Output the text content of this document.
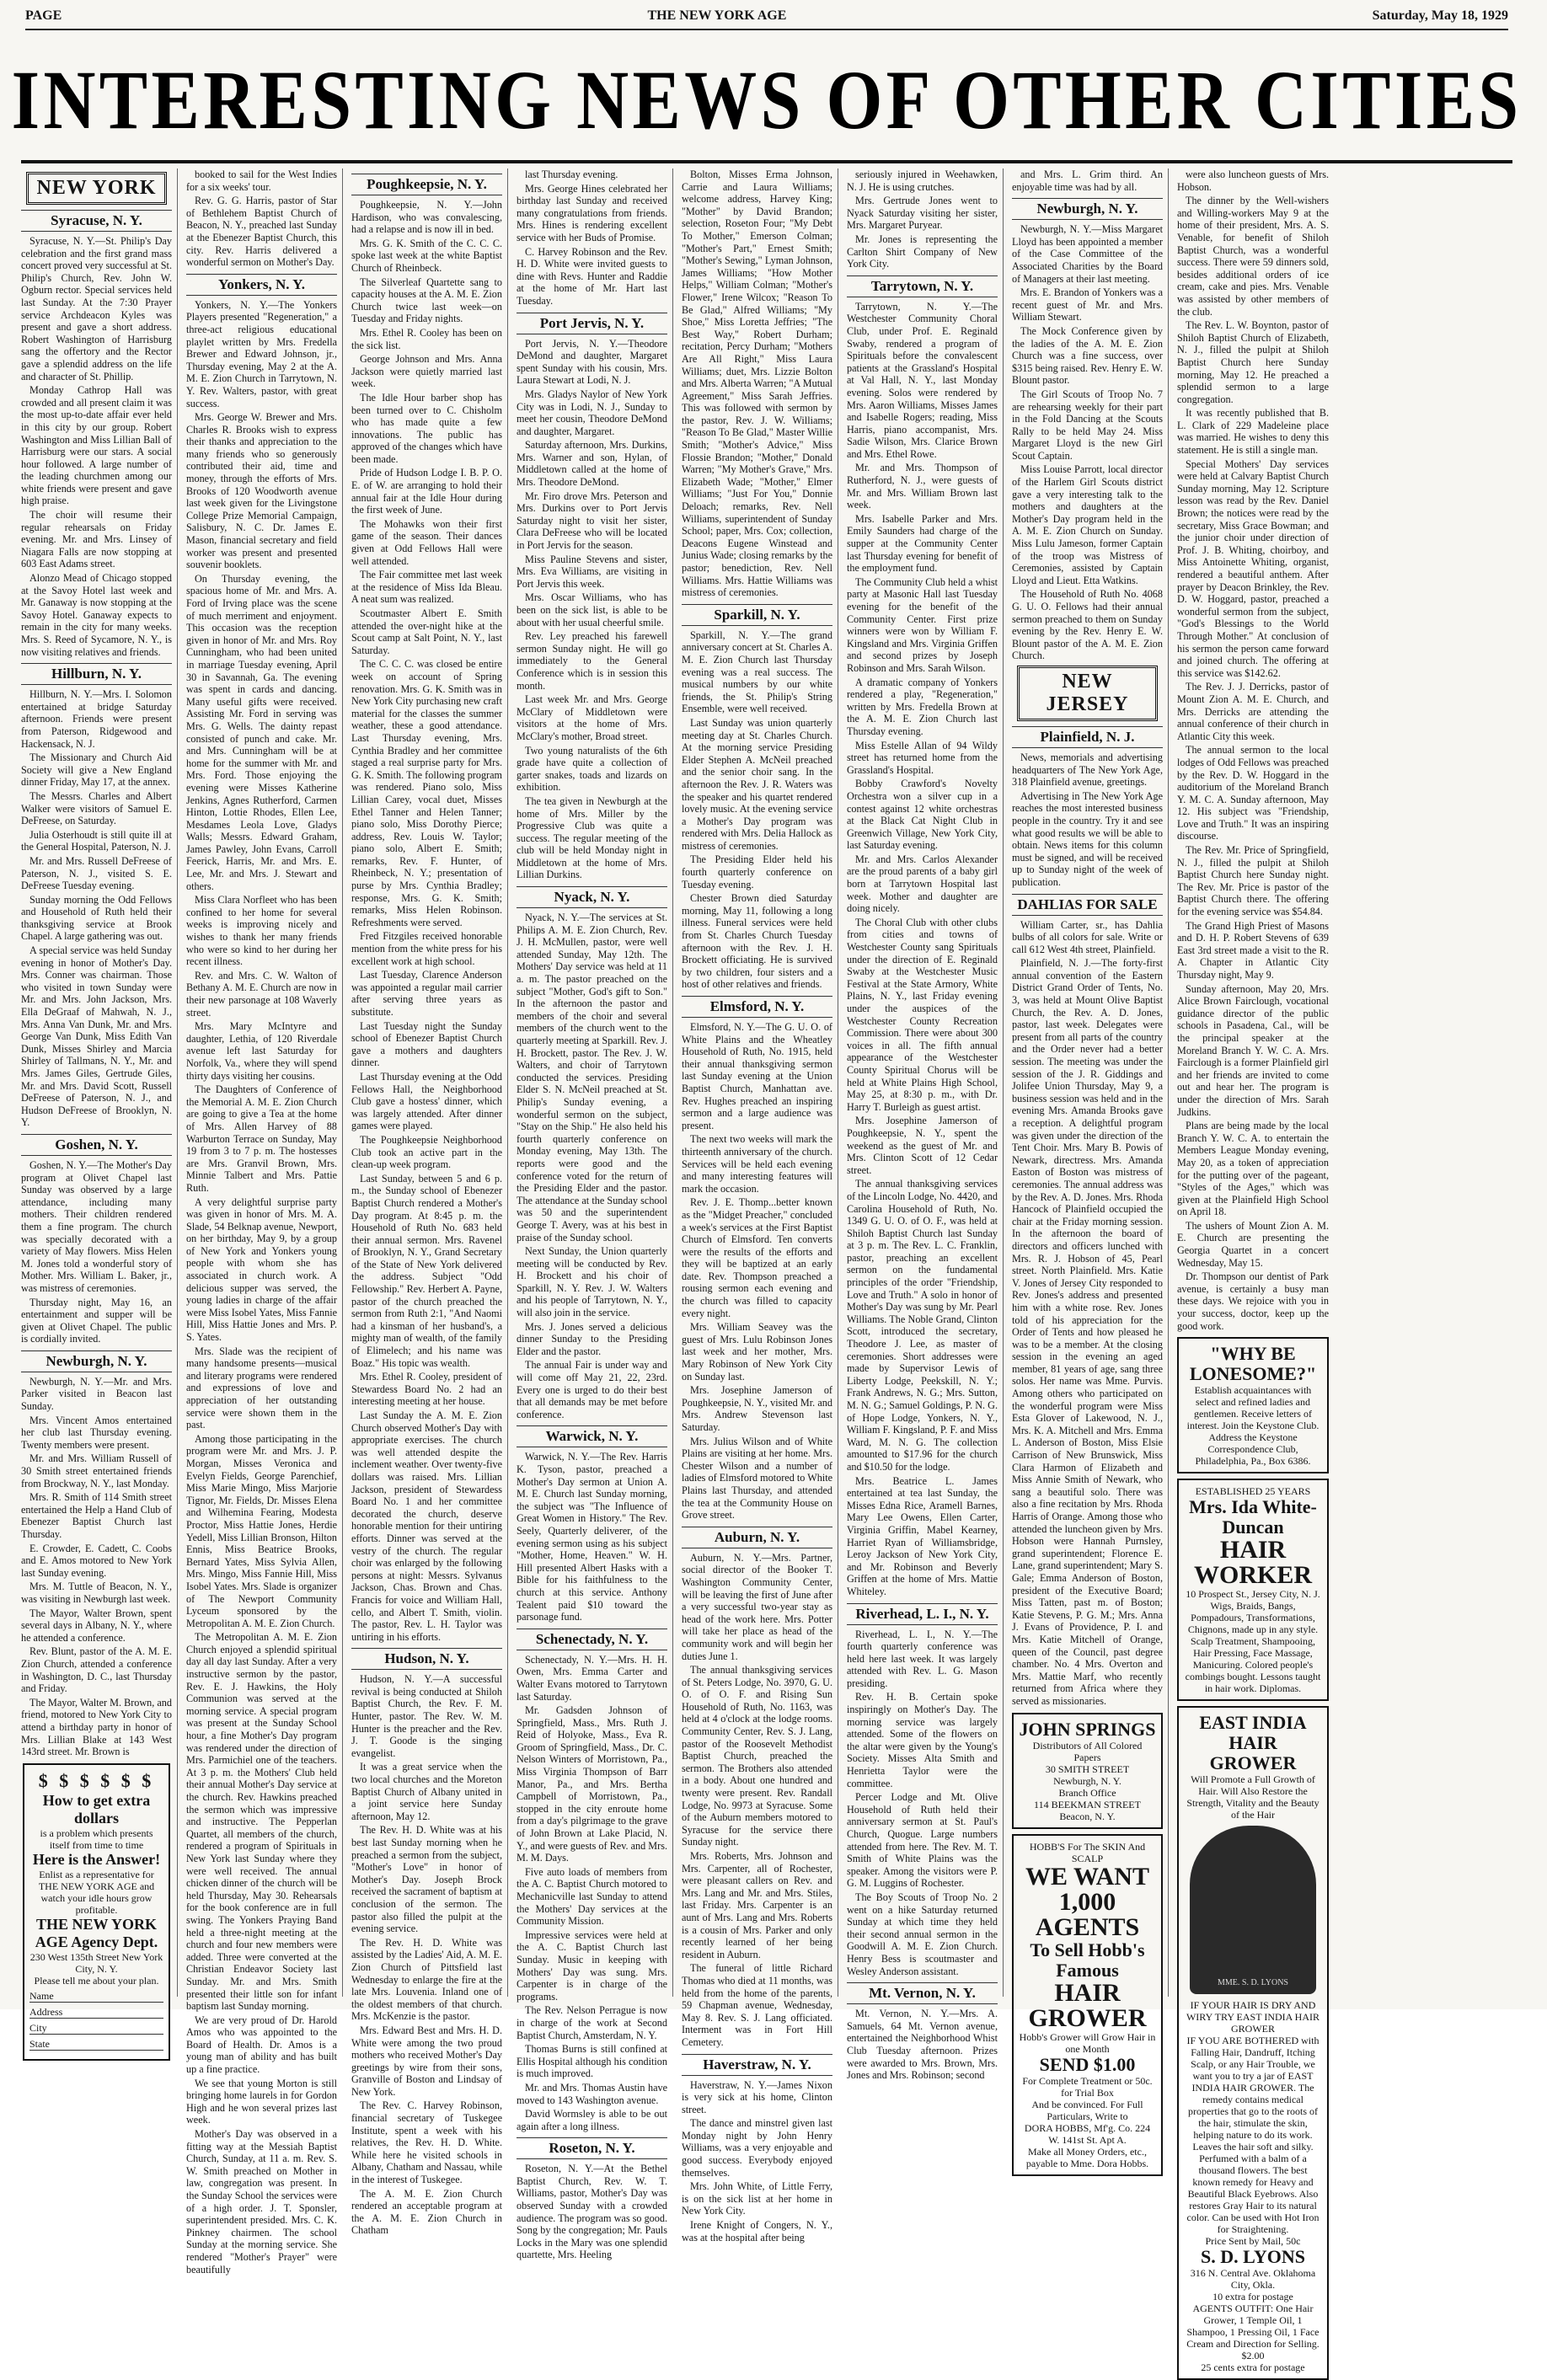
PAGE	THE NEW YORK AGE	Saturday, May 18, 1929
INTERESTING NEWS OF OTHER CITIES
NEW YORK
Syracuse, N. Y.

Syracuse, N. Y.—St. Philip's Day celebration and the first grand mass concert proved very successful at St. Philip's Church, Rev. John W. Ogburn rector. Special services held last Sunday. At the 7:30 Prayer service Archdeacon Kyles was present and gave a short address. Robert Washington of Harrisburg sang the offertory and the Rector gave a splendid address on the life and character of St. Phillip.

Monday Cathrop Hall was crowded and all present claim it was the most up-to-date affair ever held in this city by our group. Robert Washington and Miss Lillian Ball of Harrisburg were our stars. A social hour followed. A large number of the leading churchmen among our white friends were present and gave high praise.

The choir will resume their regular rehearsals on Friday evening. Mr. and Mrs. Linsey of Niagara Falls are now stopping at 603 East Adams street.

Alonzo Mead of Chicago stopped at the Savoy Hotel last week and Mr. Ganaway is now stopping at the Savoy Hotel. Ganaway expects to remain in the city for many weeks. Mrs. S. Reed of Sycamore, N. Y., is now visiting relatives and friends.

Hillburn, N. Y.

Hillburn, N. Y.—Mrs. I. Solomon entertained at bridge Saturday afternoon. Friends were present from Paterson, Ridgewood and Hackensack, N. J.

The Missionary and Church Aid Society will give a New England dinner Friday, May 17, at the annex.

The Messrs. Charles and Albert Walker were visitors of Samuel E. DeFreese, on Saturday.

Julia Osterhoudt is still quite ill at the General Hospital, Paterson, N. J.

Mr. and Mrs. Russell DeFreese of Paterson, N. J., visited S. E. DeFreese Tuesday evening.

Sunday morning the Odd Fellows and Household of Ruth held their thanksgiving service at Brook Chapel. A large gathering was out.

A special service was held Sunday evening in honor of Mother's Day. Mrs. Conner was chairman. Those who visited in town Sunday were Mr. and Mrs. John Jackson, Mrs. Ella DeGraaf of Mahwah, N. J., Mrs. Anna Van Dunk, Mr. and Mrs. George Van Dunk, Miss Edith Van Dunk, Misses Shirley and Marcia Shirley of Tallmans, N. Y., Mr. and Mrs. James Giles, Gertrude Giles, Mr. and Mrs. David Scott, Russell DeFreese of Paterson, N. J., and Hudson DeFreese of Brooklyn, N. Y.

Goshen, N. Y.

Goshen, N. Y.—The Mother's Day program at Olivet Chapel last Sunday was observed by a large attendance, including many mothers. Their children rendered them a fine program. The church was specially decorated with a variety of May flowers. Miss Helen M. Jones told a wonderful story of Mother. Mrs. William L. Baker, jr., was mistress of ceremonies.

Thursday night, May 16, an entertainment and supper will be given at Olivet Chapel. The public is cordially invited.

Newburgh, N. Y.

Newburgh, N. Y.—Mr. and Mrs. Parker visited in Beacon last Sunday.

Mrs. Vincent Amos entertained her club last Thursday evening. Twenty members were present.

Mr. and Mrs. William Russell of 30 Smith street entertained friends from Brockway, N. Y., last Monday.

Mrs. R. Smith of 114 Smith street entertained the Help a Hand Club of Ebenezer Baptist Church last Thursday.

E. Crowder, E. Cadett, C. Coobs and E. Amos motored to New York last Sunday evening.

Mrs. M. Tuttle of Beacon, N. Y., was visiting in Newburgh last week.

The Mayor, Walter Brown, spent several days in Albany, N. Y., where he attended a conference.

Rev. Blunt, pastor of the A. M. E. Zion Church, attended a conference in Washington, D. C., last Thursday and Friday.

The Mayor, Walter M. Brown, and friend, motored to New York City to attend a birthday party in honor of Mrs. Lillian Blake at 143 West 143rd street. Mr. Brown is

$ $ $ $ $ $
How to get extra dollars
is a problem which presents itself from time to time
Here is the Answer!
Enlist as a representative for THE NEW YORK AGE and watch your idle hours grow profitable.
THE NEW YORK AGE Agency Dept.
230 West 135th Street New York City, N. Y.
Please tell me about your plan.
Name
Address
City
State

booked to sail for the West Indies for a six weeks' tour.

Rev. G. G. Harris, pastor of Star of Bethlehem Baptist Church of Beacon, N. Y., preached last Sunday at the Ebenezer Baptist Church, this city. Rev. Harris delivered a wonderful sermon on Mother's Day.

Yonkers, N. Y.

Yonkers, N. Y.—The Yonkers Players presented "Regeneration," a three-act religious educational playlet written by Mrs. Fredella Brewer and Edward Johnson, jr., Thursday evening, May 2 at the A. M. E. Zion Church in Tarrytown, N. Y. Rev. Walters, pastor, with great success.

Mrs. George W. Brewer and Mrs. Charles R. Brooks wish to express their thanks and appreciation to the many friends who so generously contributed their aid, time and money, through the efforts of Mrs. Brooks of 120 Woodworth avenue last week given for the Livingstone College Prize Memorial Campaign, Salisbury, N. C. Dr. James E. Mason, financial secretary and field worker was present and presented souvenir booklets.

On Thursday evening, the spacious home of Mr. and Mrs. A. Ford of Irving place was the scene of much merriment and enjoyment. This occasion was the reception given in honor of Mr. and Mrs. Roy Cunningham, who had been united in marriage Tuesday evening, April 30 in Savannah, Ga. The evening was spent in cards and dancing. Many useful gifts were received. Assisting Mr. Ford in serving was Mrs. G. Wells. The dainty repast consisted of punch and cake. Mr. and Mrs. Cunningham will be at home for the summer with Mr. and Mrs. Ford. Those enjoying the evening were Misses Katherine Jenkins, Agnes Rutherford, Carmen Hinton, Lottie Rhodes, Ellen Lee, Mesdames Leola Love, Gladys Walls; Messrs. Edward Graham, James Pawley, John Evans, Carroll Feerick, Harris, Mr. and Mrs. E. Lee, Mr. and Mrs. J. Stewart and others.

Miss Clara Norfleet who has been confined to her home for several weeks is improving nicely and wishes to thank her many friends who were so kind to her during her recent illness.

Rev. and Mrs. C. W. Walton of Bethany A. M. E. Church are now in their new parsonage at 108 Waverly street.

Mrs. Mary McIntyre and daughter, Lethia, of 120 Riverdale avenue left last Saturday for Norfolk, Va., where they will spend thirty days visiting her cousins.

The Daughters of Conference of the Memorial A. M. E. Zion Church are going to give a Tea at the home of Mrs. Allen Harvey of 88 Warburton Terrace on Sunday, May 19 from 3 to 7 p. m. The hostesses are Mrs. Granvil Brown, Mrs. Minnie Talbert and Mrs. Pattie Ruth.

A very delightful surprise party was given in honor of Mrs. M. A. Slade, 54 Belknap avenue, Newport, on her birthday, May 9, by a group of New York and Yonkers young people with whom she has associated in church work. A delicious supper was served, the young ladies in charge of the affair were Miss Isobel Yates, Miss Fannie Hill, Miss Hattie Jones and Mrs. P. S. Yates.

Mrs. Slade was the recipient of many handsome presents—musical and literary programs were rendered and expressions of love and appreciation of her outstanding service were shown them in the past.

Among those participating in the program were Mr. and Mrs. J. P. Morgan, Misses Veronica and Evelyn Fields, George Parenchief, Miss Marie Mingo, Miss Marjorie Tignor, Mr. Fields, Dr. Misses Elena and Wilhemina Fearing, Modesta Proctor, Miss Hattie Jones, Herdie Yedell, Miss Lillian Bronson, Hilton Ennis, Miss Beatrice Brooks, Bernard Yates, Miss Sylvia Allen, Mrs. Mingo, Miss Fannie Hill, Miss Isobel Yates. Mrs. Slade is organizer of The Newport Community Lyceum sponsored by the Metropolitan A. M. E. Zion Church.

The Metropolitan A. M. E. Zion Church enjoyed a splendid spiritual day all day last Sunday. After a very instructive sermon by the pastor, Rev. E. J. Hawkins, the Holy Communion was served at the morning service. A special program was present at the Sunday School hour, a fine Mother's Day program was rendered under the direction of Mrs. Parmichiel one of the teachers. At 3 p. m. the Mothers' Club held their annual Mother's Day service at the church. Rev. Hawkins preached the sermon which was impressive and instructive. The Pepperlan Quartet, all members of the church, rendered a program of Spirituals in New York last Sunday where they were well received. The annual chicken dinner of the church will be held Thursday, May 30. Rehearsals for the book conference are in full swing. The Yonkers Praying Band held a three-night meeting at the church and four new members were added. Three were converted at the Christian Endeavor Society last Sunday. Mr. and Mrs. Smith presented their little son for infant baptism last Sunday morning.

We are very proud of Dr. Harold Amos who was appointed to the Board of Health. Dr. Amos is a young man of ability and has built up a fine practice.

We see that young Morton is still bringing home laurels in for Gordon High and he won several prizes last week.

Mother's Day was observed in a fitting way at the Messiah Baptist Church, Sunday, at 11 a. m. Rev. S. W. Smith preached on Mother in law, congregation was present. In the Sunday School the services were of a high order. J. T. Sponsler, superintendent presided. Mrs. C. K. Pinkney chairmen. The school Sunday at the morning service. She rendered "Mother's Prayer" were beautifully

Poughkeepsie, N. Y.

Poughkeepsie, N. Y.—John Hardison, who was convalescing, had a relapse and is now ill in bed.

Mrs. G. K. Smith of the C. C. C. spoke last week at the white Baptist Church of Rheinbeck.

The Silverleaf Quartette sang to capacity houses at the A. M. E. Zion Church twice last week—on Tuesday and Friday nights.

Mrs. Ethel R. Cooley has been on the sick list.

George Johnson and Mrs. Anna Jackson were quietly married last week.

The Idle Hour barber shop has been turned over to C. Chisholm who has made quite a few innovations. The public has approved of the changes which have been made.

Pride of Hudson Lodge I. B. P. O. E. of W. are arranging to hold their annual fair at the Idle Hour during the first week of June.

The Mohawks won their first game of the season. Their dances given at Odd Fellows Hall were well attended.

The Fair committee met last week at the residence of Miss Ida Bleau. A neat sum was realized.

Scoutmaster Albert E. Smith attended the over-night hike at the Scout camp at Salt Point, N. Y., last Saturday.

The C. C. C. was closed be entire week on account of Spring renovation. Mrs. G. K. Smith was in New York City purchasing new craft material for the classes the summer weather, these a good attendance. Last Thursday evening, Mrs. Cynthia Bradley and her committee staged a real surprise party for Mrs. G. K. Smith. The following program was rendered. Piano solo, Miss Lillian Carey, vocal duet, Misses Ethel Tanner and Helen Tanner; piano solo, Miss Dorothy Pierce; address, Rev. Louis W. Taylor; piano solo, Albert E. Smith; remarks, Rev. F. Hunter, of Rheinbeck, N. Y.; presentation of purse by Mrs. Cynthia Bradley; response, Mrs. G. K. Smith; remarks, Miss Helen Robinson. Refreshments were served.

Fred Fitzgiles received honorable mention from the white press for his excellent work at high school.

Last Tuesday, Clarence Anderson was appointed a regular mail carrier after serving three years as substitute.

Last Tuesday night the Sunday school of Ebenezer Baptist Church gave a mothers and daughters dinner.

Last Thursday evening at the Odd Fellows Hall, the Neighborhood Club gave a hostess' dinner, which was largely attended. After dinner games were played.

The Poughkeepsie Neighborhood Club took an active part in the clean-up week program.

Last Sunday, between 5 and 6 p. m., the Sunday school of Ebenezer Baptist Church rendered a Mother's Day program. At 8:45 p. m. the Household of Ruth No. 683 held their annual sermon. Mrs. Ravenel of Brooklyn, N. Y., Grand Secretary of the State of New York delivered the address. Subject "Odd Fellowship." Rev. Herbert A. Payne, pastor of the church preached the sermon from Ruth 2:1, "And Naomi had a kinsman of her husband's, a mighty man of wealth, of the family of Elimelech; and his name was Boaz." His topic was wealth.

Mrs. Ethel R. Cooley, president of Stewardess Board No. 2 had an interesting meeting at her house.

Last Sunday the A. M. E. Zion Church observed Mother's Day with appropriate exercises. The church was well attended despite the inclement weather. Over twenty-five dollars was raised. Mrs. Lillian Jackson, president of Stewardess Board No. 1 and her committee decorated the church, deserve honorable mention for their untiring efforts. Dinner was served at the vestry of the church. The regular choir was enlarged by the following persons at night: Messrs. Sylvanus Jackson, Chas. Brown and Chas. Francis for voice and William Hall, cello, and Albert T. Smith, violin. The pastor, Rev. L. H. Taylor was untiring in his efforts.

Hudson, N. Y.

Hudson, N. Y.—A successful revival is being conducted at Shiloh Baptist Church, the Rev. F. M. Hunter, pastor. The Rev. W. M. Hunter is the preacher and the Rev. J. T. Goode is the singing evangelist.

It was a great service when the two local churches and the Moreton Baptist Church of Albany united in a joint service here Sunday afternoon, May 12.

The Rev. H. D. White was at his best last Sunday morning when he preached a sermon from the subject, "Mother's Love" in honor of Mother's Day. Joseph Brock received the sacrament of baptism at conclusion of the sermon. The pastor also filled the pulpit at the evening service.

The Rev. H. D. White was assisted by the Ladies' Aid, A. M. E. Zion Church of Pittsfield last Wednesday to enlarge the fire at the late Mrs. Louvenia. Inland one of the oldest members of that church. Mrs. McKenzie is the pastor.

Mrs. Edward Best and Mrs. H. D. White were among the two proud mothers who received Mother's Day greetings by wire from their sons, Granville of Boston and Lindsay of New York.

The Rev. C. Harvey Robinson, financial secretary of Tuskegee Institute, spent a week with his relatives, the Rev. H. D. White. While here he visited schools in Albany, Chatham and Nassau, while in the interest of Tuskegee.

The A. M. E. Zion Church rendered an acceptable program at the A. M. E. Zion Church in Chatham

last Thursday evening.

Mrs. George Hines celebrated her birthday last Sunday and received many congratulations from friends. Mrs. Hines is rendering excellent service with her Buds of Promise.

C. Harvey Robinson and the Rev. H. D. White were invited guests to dine with Revs. Hunter and Raddie at the home of Mr. Hart last Tuesday.

Port Jervis, N. Y.

Port Jervis, N. Y.—Theodore DeMond and daughter, Margaret spent Sunday with his cousin, Mrs. Laura Stewart at Lodi, N. J.

Mrs. Gladys Naylor of New York City was in Lodi, N. J., Sunday to meet her cousin, Theodore DeMond and daughter, Margaret.

Saturday afternoon, Mrs. Durkins, Mrs. Warner and son, Hylan, of Middletown called at the home of Mrs. Theodore DeMond.

Mr. Firo drove Mrs. Peterson and Mrs. Durkins over to Port Jervis Saturday night to visit her sister, Clara DeFreese who will be located in Port Jervis for the season.

Miss Pauline Stevens and sister, Mrs. Eva Williams, are visiting in Port Jervis this week.

Mrs. Oscar Williams, who has been on the sick list, is able to be about with her usual cheerful smile.

Rev. Ley preached his farewell sermon Sunday night. He will go immediately to the General Conference which is in session this month.

Last week Mr. and Mrs. George McClary of Middletown were visitors at the home of Mrs. McClary's mother, Broad street.

Two young naturalists of the 6th grade have quite a collection of garter snakes, toads and lizards on exhibition.

The tea given in Newburgh at the home of Mrs. Miller by the Progressive Club was quite a success. The regular meeting of the club will be held Monday night in Middletown at the home of Mrs. Lillian Durkins.

Nyack, N. Y.

Nyack, N. Y.—The services at St. Philips A. M. E. Zion Church, Rev. J. H. McMullen, pastor, were well attended Sunday, May 12th. The Mothers' Day service was held at 11 a. m. The pastor preached on the subject "Mother, God's gift to Son." In the afternoon the pastor and members of the choir and several members of the church went to the quarterly meeting at Sparkill. Rev. J. H. Brockett, pastor. The Rev. J. W. Walters, and choir of Tarrytown conducted the services. Presiding Elder S. N. McNeil preached at St. Philip's Sunday evening, a wonderful sermon on the subject, "Stay on the Ship." He also held his fourth quarterly conference on Monday evening, May 13th. The reports were good and the conference voted for the return of the Presiding Elder and the pastor. The attendance at the Sunday school was 50 and the superintendent George T. Avery, was at his best in praise of the Sunday school.

Next Sunday, the Union quarterly meeting will be conducted by Rev. H. Brockett and his choir of Sparkill, N. Y. Rev. J. W. Walters and his people of Tarrytown, N. Y., will also join in the service.

Mrs. J. Jones served a delicious dinner Sunday to the Presiding Elder and the pastor.

The annual Fair is under way and will come off May 21, 22, 23rd. Every one is urged to do their best that all demands may be met before conference.

Warwick, N. Y.

Warwick, N. Y.—The Rev. Harris K. Tyson, pastor, preached a Mother's Day sermon at Union A. M. E. Church last Sunday morning, the subject was "The Influence of Great Women in History." The Rev. Seely, Quarterly deliverer, of the evening sermon using as his subject "Mother, Home, Heaven." W. H. Hill presented Albert Hasks with a Bible for his faithfulness to the church at this service. Anthony Tealent paid $10 toward the parsonage fund.

Schenectady, N. Y.

Schenectady, N. Y.—Mrs. H. H. Owen, Mrs. Emma Carter and Walter Evans motored to Tarrytown last Saturday.

Mr. Gadsden Johnson of Springfield, Mass., Mrs. Ruth J. Reid of Holyoke, Mass., Eva R. Groom of Springfield, Mass., Dr. C. Nelson Winters of Morristown, Pa., Miss Virginia Thompson of Barr Manor, Pa., and Mrs. Bertha Campbell of Morristown, Pa., stopped in the city enroute home from a day's pilgrimage to the grave of John Brown at Lake Placid, N. Y., and were guests of Rev. and Mrs. M. M. Days.

Five auto loads of members from the A. C. Baptist Church motored to Mechanicville last Sunday to attend the Mothers' Day services at the Community Mission.

Impressive services were held at the A. C. Baptist Church last Sunday. Music in keeping with Mothers' Day was sung. Mrs. Carpenter is in charge of the programs.

The Rev. Nelson Perrague is now in charge of the work at Second Baptist Church, Amsterdam, N. Y.

Thomas Burns is still confined at Ellis Hospital although his condition is much improved.

Mr. and Mrs. Thomas Austin have moved to 143 Washington avenue.

David Wormsley is able to be out again after a long illness.

Roseton, N. Y.

Roseton, N. Y.—At the Bethel Baptist Church, Rev. W. T. Williams, pastor, Mother's Day was observed Sunday with a crowded audience. The program was so good. Song by the congregation; Mr. Pauls Locks in the Mary was one splendid quartette, Mrs. Heeling

Bolton, Misses Erma Johnson, Carrie and Laura Williams; welcome address, Harvey King; "Mother" by David Brandon; selection, Roseton Four; "My Debt To Mother," Emerson Colman; "Mother's Part," Ernest Smith; "Mother's Sewing," Lyman Johnson, James Williams; "How Mother Helps," William Colman; "Mother's Flower," Irene Wilcox; "Reason To Be Glad," Alfred Williams; "My Shoe," Miss Loretta Jeffries; "The Best Way," Robert Durham; recitation, Percy Durham; "Mothers Are All Right," Miss Laura Williams; duet, Mrs. Lizzie Bolton and Mrs. Alberta Warren; "A Mutual Agreement," Miss Sarah Jeffries. This was followed with sermon by the pastor, Rev. J. W. Williams; "Reason To Be Glad," Master Willie Smith; "Mother's Advice," Miss Flossie Brandon; "Mother," Donald Warren; "My Mother's Grave," Mrs. Elizabeth Wade; "Mother," Elmer Williams; "Just For You," Donnie Deloach; remarks, Rev. Nell Williams, superintendent of Sunday School; paper, Mrs. Cox; collection, Deacons Eugene Winstead and Junius Wade; closing remarks by the pastor; benediction, Rev. Nell Williams. Mrs. Hattie Williams was mistress of ceremonies.

Sparkill, N. Y.

Sparkill, N. Y.—The grand anniversary concert at St. Charles A. M. E. Zion Church last Thursday evening was a real success. The musical numbers by our white friends, the St. Philip's String Ensemble, were well received.

Last Sunday was union quarterly meeting day at St. Charles Church. At the morning service Presiding Elder Stephen A. McNeil preached and the senior choir sang. In the afternoon the Rev. J. R. Waters was the speaker and his quartet rendered lovely music. At the evening service a Mother's Day program was rendered with Mrs. Delia Hallock as mistress of ceremonies.

The Presiding Elder held his fourth quarterly conference on Tuesday evening.

Chester Brown died Saturday morning, May 11, following a long illness. Funeral services were held from St. Charles Church Tuesday afternoon with the Rev. J. H. Brockett officiating. He is survived by two children, four sisters and a host of other relatives and friends.

Elmsford, N. Y.

Elmsford, N. Y.—The G. U. O. of White Plains and the Wheatley Household of Ruth, No. 1915, held their annual thanksgiving sermon last Sunday evening at the Union Baptist Church, Manhattan ave. Rev. Hughes preached an inspiring sermon and a large audience was present.

The next two weeks will mark the thirteenth anniversary of the church. Services will be held each evening and many interesting features will mark the occasion.

Rev. J. E. Thomp...better known as the "Midget Preacher," concluded a week's services at the First Baptist Church of Elmsford. Ten converts were the results of the efforts and they will be baptized at an early date. Rev. Thompson preached a rousing sermon each evening and the church was filled to capacity every night.

Mrs. William Seavey was the guest of Mrs. Lulu Robinson Jones last week and her mother, Mrs. Mary Robinson of New York City on Sunday last.

Mrs. Josephine Jamerson of Poughkeepsie, N. Y., visited Mr. and Mrs. Andrew Stevenson last Saturday.

Mrs. Julius Wilson and of White Plains are visiting at her home. Mrs. Chester Wilson and a number of ladies of Elmsford motored to White Plains last Thursday, and attended the tea at the Community House on Grove street.

Auburn, N. Y.

Auburn, N. Y.—Mrs. Partner, social director of the Booker T. Washington Community Center, will be leaving the first of June after a very successful two-year stay as head of the work here. Mrs. Potter will take her place as head of the community work and will begin her duties June 1.

The annual thanksgiving services of St. Peters Lodge, No. 3970, G. U. O. of O. F. and Rising Sun Household of Ruth, No. 1163, was held at 4 o'clock at the lodge rooms. Community Center, Rev. S. J. Lang, pastor of the Roosevelt Methodist Baptist Church, preached the sermon. The Brothers also attended in a body. About one hundred and twenty were present. Rev. Randall Lodge, No. 9973 at Syracuse. Some of the Auburn members motored to Syracuse for the service there Sunday night.

Mrs. Roberts, Mrs. Johnson and Mrs. Carpenter, all of Rochester, were pleasant callers on Rev. and Mrs. Lang and Mr. and Mrs. Stiles, last Friday. Mrs. Carpenter is an aunt of Mrs. Lang and Mrs. Roberts is a cousin of Mrs. Parker and only recently learned of her being resident in Auburn.

The funeral of little Richard Thomas who died at 11 months, was held from the home of the parents, 59 Chapman avenue, Wednesday, May 8. Rev. S. J. Lang officiated. Interment was in Fort Hill Cemetery.

Haverstraw, N. Y.

Haverstraw, N. Y.—James Nixon is very sick at his home, Clinton street.

The dance and minstrel given last Monday night by John Henry Williams, was a very enjoyable and good success. Everybody enjoyed themselves.

Mrs. John White, of Little Ferry, is on the sick list at her home in New York City.

Irene Knight of Congers, N. Y., was at the hospital after being

seriously injured in Weehawken, N. J. He is using crutches.

Mrs. Gertrude Jones went to Nyack Saturday visiting her sister, Mrs. Margaret Puryear.

Mr. Jones is representing the Carlton Shirt Company of New York City.

Tarrytown, N. Y.

Tarrytown, N. Y.—The Westchester Community Choral Club, under Prof. E. Reginald Swaby, rendered a program of Spirituals before the convalescent patients at the Grassland's Hospital at Val Hall, N. Y., last Monday evening. Solos were rendered by Mrs. Aaron Williams, Misses James and Isabelle Rogers; reading, Miss Harris, piano accompanist, Mrs. Sadie Wilson, Mrs. Clarice Brown and Mrs. Ethel Rowe.

Mr. and Mrs. Thompson of Rutherford, N. J., were guests of Mr. and Mrs. William Brown last week.

Mrs. Isabelle Parker and Mrs. Emily Saunders had charge of the supper at the Community Center last Thursday evening for benefit of the employment fund.

The Community Club held a whist party at Masonic Hall last Tuesday evening for the benefit of the Community Center. First prize winners were won by William F. Kingsland and Mrs. Virginia Griffen and second prizes by Joseph Robinson and Mrs. Sarah Wilson.

A dramatic company of Yonkers rendered a play, "Regeneration," written by Mrs. Fredella Brown at the A. M. E. Zion Church last Thursday evening.

Miss Estelle Allan of 94 Wildy street has returned home from the Grassland's Hospital.

Bobby Crawford's Novelty Orchestra won a silver cup in a contest against 12 white orchestras at the Black Cat Night Club in Greenwich Village, New York City, last Saturday evening.

Mr. and Mrs. Carlos Alexander are the proud parents of a baby girl born at Tarrytown Hospital last week. Mother and daughter are doing nicely.

The Choral Club with other clubs from cities and towns of Westchester County sang Spirituals under the direction of E. Reginald Swaby at the Westchester Music Festival at the State Armory, White Plains, N. Y., last Friday evening under the auspices of the Westchester County Recreation Commission. There were about 300 voices in all. The fifth annual appearance of the Westchester County Spiritual Chorus will be held at White Plains High School, May 25, at 8:30 p. m., with Dr. Harry T. Burleigh as guest artist.

Mrs. Josephine Jamerson of Poughkeepsie, N. Y., spent the weekend as the guest of Mr. and Mrs. Clinton Scott of 12 Cedar street.

The annual thanksgiving services of the Lincoln Lodge, No. 4420, and Carolina Household of Ruth, No. 1349 G. U. O. of O. F., was held at Shiloh Baptist Church last Sunday at 3 p. m. The Rev. L. C. Franklin, pastor, preaching an excellent sermon on the fundamental principles of the order "Friendship, Love and Truth." A solo in honor of Mother's Day was sung by Mr. Pearl Williams. The Noble Grand, Clinton Scott, introduced the secretary, Theodore J. Lee, as master of ceremonies. Short addresses were made by Supervisor Lewis of Liberty Lodge, Peekskill, N. Y.; Frank Andrews, N. G.; Mrs. Sutton, M. N. G.; Samuel Goldings, P. N. G. of Hope Lodge, Yonkers, N. Y., William F. Kingsland, P. F. and Miss Ward, M. N. G. The collection amounted to $17.96 for the church and $10.50 for the lodge.

Mrs. Beatrice L. James entertained at tea last Sunday, the Misses Edna Rice, Aramell Barnes, Mary Lee Owens, Ellen Carter, Virginia Griffin, Mabel Kearney, Harriet Ryan of Williamsbridge, Leroy Jackson of New York City, and Mr. Robinson and Beverly Griffen at the home of Mrs. Mattie Whiteley.

Riverhead, L. I., N. Y.

Riverhead, L. I., N. Y.—The fourth quarterly conference was held here last week. It was largely attended with Rev. L. G. Mason presiding.

Rev. H. B. Certain spoke inspiringly on Mother's Day. The morning service was largely attended. Some of the flowers on the altar were given by the Young's Society. Misses Alta Smith and Henrietta Taylor were the committee.

Percer Lodge and Mt. Olive Household of Ruth held their anniversary sermon at St. Paul's Church, Quogue. Large numbers attended from here. The Rev. M. T. Smith of White Plains was the speaker. Among the visitors were P. G. M. Luggins of Rochester.

The Boy Scouts of Troop No. 2 went on a hike Saturday returned Sunday at which time they held their second annual sermon in the Goodwill A. M. E. Zion Church. Henry Bess is scoutmaster and Wesley Anderson assistant.

Mt. Vernon, N. Y.

Mt. Vernon, N. Y.—Mrs. A. Samuels, 64 Mt. Vernon avenue, entertained the Neighborhood Whist Club Tuesday afternoon. Prizes were awarded to Mrs. Brown, Mrs. Jones and Mrs. Robinson; second

and Mrs. L. Grim third. An enjoyable time was had by all.

Newburgh, N. Y.

Newburgh, N. Y.—Miss Margaret Lloyd has been appointed a member of the Case Committee of the Associated Charities by the Board of Managers at their last meeting.

Mrs. E. Brandon of Yonkers was a recent guest of Mr. and Mrs. William Stewart.

The Mock Conference given by the ladies of the A. M. E. Zion Church was a fine success, over $315 being raised. Rev. Henry E. W. Blount pastor.

The Girl Scouts of Troop No. 7 are rehearsing weekly for their part in the Fold Dancing at the Scouts Rally to be held May 24. Miss Margaret Lloyd is the new Girl Scout Captain.

Miss Louise Parrott, local director of the Harlem Girl Scouts district gave a very interesting talk to the mothers and daughters at the Mother's Day program held in the A. M. E. Zion Church on Sunday. Miss Lulu Jameson, former Captain of the troop was Mistress of Ceremonies, assisted by Captain Lloyd and Lieut. Etta Watkins.

The Household of Ruth No. 4068 G. U. O. Fellows had their annual sermon preached to them on Sunday evening by the Rev. Henry E. W. Blount pastor of the A. M. E. Zion Church.

NEW JERSEY
Plainfield, N. J.

News, memorials and advertising headquarters of The New York Age, 318 Plainfield avenue, greetings.

Advertising in The New York Age reaches the most interested business people in the country. Try it and see what good results we will be able to obtain. News items for this column must be signed, and will be received up to Sunday night of the week of publication.

DAHLIAS FOR SALE

William Carter, sr., has Dahlia bulbs of all colors for sale. Write or call 612 West 4th street, Plainfield.

Plainfield, N. J.—The forty-first annual convention of the Eastern District Grand Order of Tents, No. 3, was held at Mount Olive Baptist Church, the Rev. A. D. Jones, pastor, last week. Delegates were present from all parts of the country and the Order never had a better session. The meeting was under the session of the J. R. Giddings and Jolifee Union Thursday, May 9, a business session was held and in the evening Mrs. Amanda Brooks gave a reception. A delightful program was given under the direction of the Tent Choir. Mrs. Mary B. Powis of Newark, directress. Mrs. Amanda Easton of Boston was mistress of ceremonies. The annual address was by the Rev. A. D. Jones. Mrs. Rhoda Hancock of Plainfield occupied the chair at the Friday morning session. In the afternoon the board of directors and officers lunched with Mrs. R. J. Hobson of 45, Pearl street. North Plainfield. Mrs. Katie V. Jones of Jersey City responded to Rev. Jones's address and presented him with a white rose. Rev. Jones told of his appreciation for the Order of Tents and how pleased he was to be a member. At the closing session in the evening an aged member, 81 years of age, sang three solos. Her name was Mme. Purvis. Among others who participated on the wonderful program were Miss Esta Glover of Lakewood, N. J., Mrs. K. A. Mitchell and Mrs. Emma L. Anderson of Boston, Miss Elsie Carrison of New Brunswick, Miss Clara Harmon of Elizabeth and Miss Annie Smith of Newark, who sang a beautiful solo. There was also a fine recitation by Mrs. Rhoda Harris of Orange. Among those who attended the luncheon given by Mrs. Hobson were Hannah Purnsley, grand superintendent; Florence E. Lane, grand superintendent; Mary S. Gale; Emma Anderson of Boston, president of the Executive Board; Miss Tatten, past m. of Boston; Katie Stevens, P. G. M.; Mrs. Anna J. Evans of Providence, P. I. and Mrs. Katie Mitchell of Orange, queen of the Council, past degree chamber. No. 4 Mrs. Overton and Mrs. Mattie Marf, who recently returned from Africa where they served as missionaries.

JOHN SPRINGS
Distributors of All Colored Papers
30 SMITH STREET
Newburgh, N. Y.
Branch Office
114 BEEKMAN STREET
Beacon, N. Y.
HOBB'S For The SKIN And SCALP
WE WANT 1,000 AGENTS
To Sell Hobb's Famous
HAIR GROWER
Hobb's Grower will Grow Hair in one Month
SEND $1.00
For Complete Treatment or 50c. for Trial Box
And be convinced. For Full Particulars, Write to
DORA HOBBS, Mf'g. Co. 224 W. 141st St. Apt A.
Make all Money Orders, etc., payable to Mme. Dora Hobbs.

were also luncheon guests of Mrs. Hobson.

The dinner by the Well-wishers and Willing-workers May 9 at the home of their president, Mrs. A. S. Venable, for benefit of Shiloh Baptist Church, was a wonderful success. There were 59 dinners sold, besides additional orders of ice cream, cake and pies. Mrs. Venable was assisted by other members of the club.

The Rev. L. W. Boynton, pastor of Shiloh Baptist Church of Elizabeth, N. J., filled the pulpit at Shiloh Baptist Church here Sunday morning, May 12. He preached a splendid sermon to a large congregation.

It was recently published that B. L. Clark of 229 Madeleine place was married. He wishes to deny this statement. He is still a single man.

Special Mothers' Day services were held at Calvary Baptist Church Sunday morning, May 12. Scripture lesson was read by the Rev. Daniel Brown; the notices were read by the secretary, Miss Grace Bowman; and the junior choir under direction of Prof. J. B. Whiting, choirboy, and Miss Antoinette Whiting, organist, rendered a beautiful anthem. After prayer by Deacon Brinkley, the Rev. D. W. Hoggard, pastor, preached a wonderful sermon from the subject, "God's Blessings to the World Through Mother." At conclusion of his sermon the person came forward and joined church. The offering at this service was $142.62.

The Rev. J. J. Derricks, pastor of Mount Zion A. M. E. Church, and Mrs. Derricks are attending the annual conference of their church in Atlantic City this week.

The annual sermon to the local lodges of Odd Fellows was preached by the Rev. D. W. Hoggard in the auditorium of the Moreland Branch Y. M. C. A. Sunday afternoon, May 12. His subject was "Friendship, Love and Truth." It was an inspiring discourse.

The Rev. Mr. Price of Springfield, N. J., filled the pulpit at Shiloh Baptist Church here Sunday night. The Rev. Mr. Price is pastor of the Baptist Church there. The offering for the evening service was $54.84.

The Grand High Priest of Masons and D. H. P. Robert Stevens of 639 East 3rd street made a visit to the R. A. Chapter in Atlantic City Thursday night, May 9.

Sunday afternoon, May 20, Mrs. Alice Brown Fairclough, vocational guidance director of the public schools in Pasadena, Cal., will be the principal speaker at the Moreland Branch Y. W. C. A. Mrs. Fairclough is a former Plainfield girl and her friends are invited to come out and hear her. The program is under the direction of Mrs. Sarah Judkins.

Plans are being made by the local Branch Y. W. C. A. to entertain the Members League Monday evening, May 20, as a token of appreciation for the putting over of the pageant, "Styles of the Ages," which was given at the Plainfield High School on April 18.

The ushers of Mount Zion A. M. E. Church are presenting the Georgia Quartet in a concert Wednesday, May 15.

Dr. Thompson our dentist of Park avenue, is certainly a busy man these days. We rejoice with you in your success, doctor, keep up the good work.

"WHY BE LONESOME?"
Establish acquaintances with select and refined ladies and gentlemen. Receive letters of interest. Join the Keystone Club. Address the Keystone Correspondence Club, Philadelphia, Pa., Box 6386.
ESTABLISHED 25 YEARS
Mrs. Ida White-Duncan
HAIR WORKER
10 Prospect St., Jersey City, N. J. Wigs, Braids, Bangs, Pompadours, Transformations, Chignons, made up in any style. Scalp Treatment, Shampooing, Hair Pressing, Face Massage, Manicuring. Colored people's combings bought. Lessons taught in hair work. Diplomas.
EAST INDIA HAIR GROWER
Will Promote a Full Growth of Hair. Will Also Restore the Strength, Vitality and the Beauty of the Hair
MME. S. D. LYONS
IF YOUR HAIR IS DRY AND WIRY TRY EAST INDIA HAIR GROWER
IF YOU ARE BOTHERED with Falling Hair, Dandruff, Itching Scalp, or any Hair Trouble, we want you to try a jar of EAST INDIA HAIR GROWER. The remedy contains medical properties that go to the roots of the hair, stimulate the skin, helping nature to do its work. Leaves the hair soft and silky. Perfumed with a balm of a thousand flowers. The best known remedy for Heavy and Beautiful Black Eyebrows. Also restores Gray Hair to its natural color. Can be used with Hot Iron for Straightening.
Price Sent by Mail, 50c
S. D. LYONS
316 N. Central Ave. Oklahoma City, Okla.
10 extra for postage
AGENTS OUTFIT: One Hair Grower, 1 Temple Oil, 1 Shampoo, 1 Pressing Oil, 1 Face Cream and Direction for Selling. $2.00
25 cents extra for postage
